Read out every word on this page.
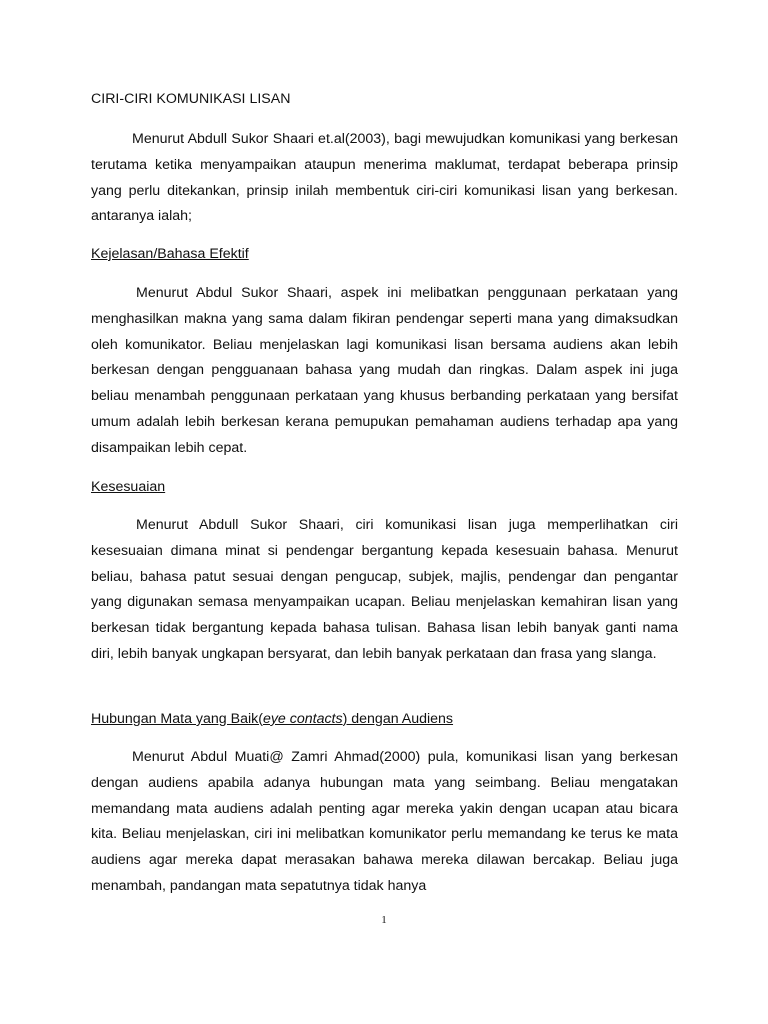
CIRI-CIRI KOMUNIKASI LISAN

Menurut Abdull Sukor Shaari et.al(2003), bagi mewujudkan komunikasi yang berkesan terutama ketika menyampaikan ataupun menerima maklumat, terdapat beberapa prinsip yang perlu ditekankan, prinsip inilah membentuk ciri-ciri komunikasi lisan yang berkesan. antaranya ialah;

Kejelasan/Bahasa Efektif

Menurut Abdul Sukor Shaari, aspek ini melibatkan penggunaan perkataan yang menghasilkan makna yang sama dalam fikiran pendengar seperti mana yang dimaksudkan oleh komunikator. Beliau menjelaskan lagi komunikasi lisan bersama audiens akan lebih berkesan dengan pengguanaan bahasa yang mudah dan ringkas. Dalam aspek ini juga beliau menambah penggunaan perkataan yang khusus berbanding perkataan yang bersifat umum adalah lebih berkesan kerana pemupukan pemahaman audiens terhadap apa yang disampaikan lebih cepat.

Kesesuaian

Menurut Abdull Sukor Shaari, ciri komunikasi lisan juga memperlihatkan ciri kesesuaian dimana minat si pendengar bergantung kepada kesesuain bahasa. Menurut beliau, bahasa patut sesuai dengan pengucap, subjek, majlis, pendengar dan pengantar yang digunakan semasa menyampaikan ucapan. Beliau menjelaskan kemahiran lisan yang berkesan tidak bergantung kepada bahasa tulisan. Bahasa lisan lebih banyak ganti nama diri, lebih banyak ungkapan bersyarat, dan lebih banyak perkataan dan frasa yang slanga.

Hubungan Mata yang Baik(eye contacts) dengan Audiens

Menurut Abdul Muati@ Zamri Ahmad(2000) pula, komunikasi lisan yang berkesan dengan audiens apabila adanya hubungan mata yang seimbang. Beliau mengatakan memandang mata audiens adalah penting agar mereka yakin dengan ucapan atau bicara kita. Beliau menjelaskan, ciri ini melibatkan komunikator perlu memandang ke terus ke mata audiens agar mereka dapat merasakan bahawa mereka dilawan bercakap. Beliau juga menambah, pandangan mata sepatutnya tidak hanya

1
